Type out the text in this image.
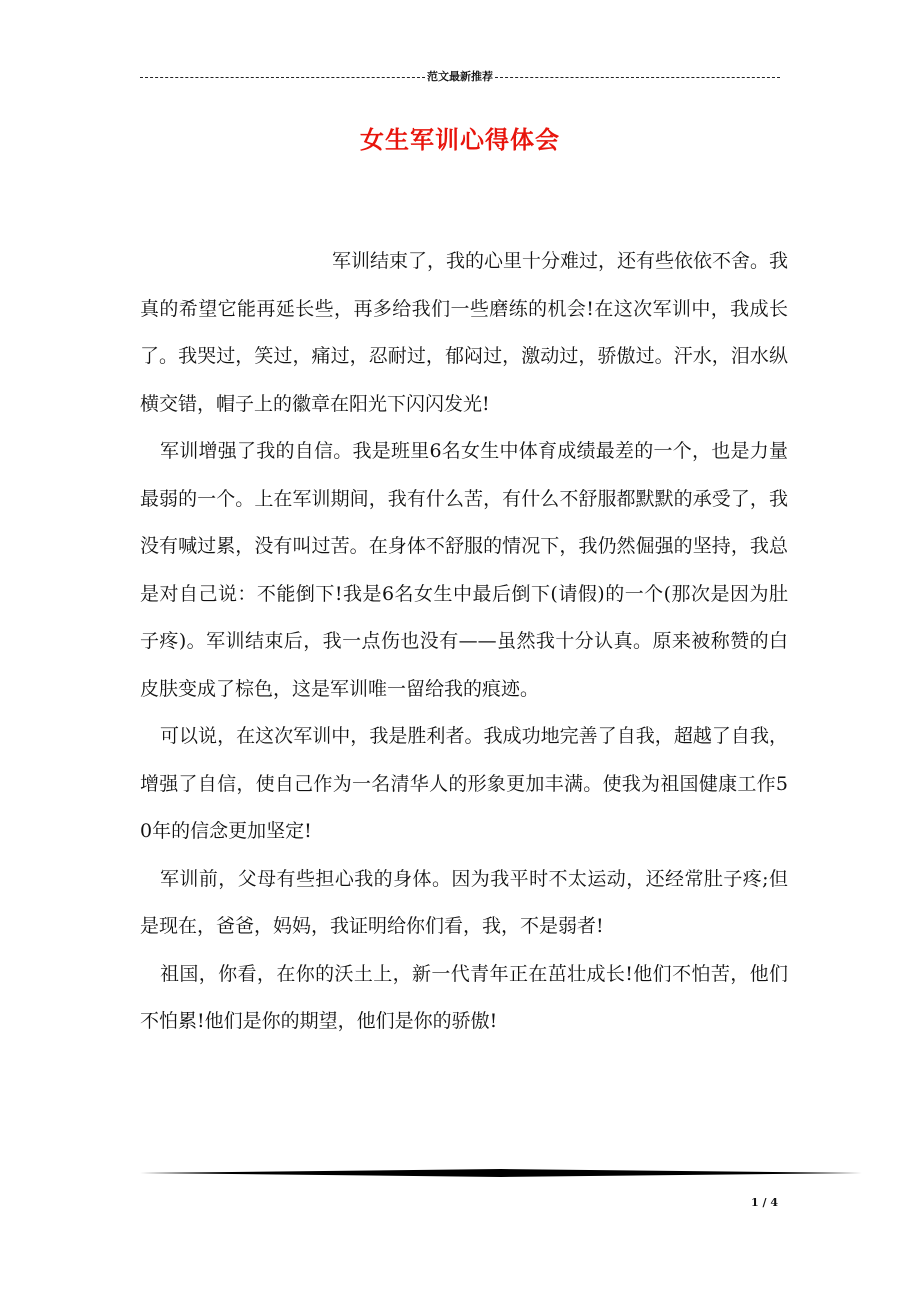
范文最新推荐
女生军训心得体会

军训结束了，我的心里十分难过，还有些依依不舍。我真的希望它能再延长些，再多给我们一些磨练的机会!在这次军训中，我成长了。我哭过，笑过，痛过，忍耐过，郁闷过，激动过，骄傲过。汗水，泪水纵横交错，帽子上的徽章在阳光下闪闪发光!

军训增强了我的自信。我是班里6名女生中体育成绩最差的一个，也是力量最弱的一个。上在军训期间，我有什么苦，有什么不舒服都默默的承受了，我没有喊过累，没有叫过苦。在身体不舒服的情况下，我仍然倔强的坚持，我总是对自己说：不能倒下!我是6名女生中最后倒下(请假)的一个(那次是因为肚子疼)。军训结束后，我一点伤也没有——虽然我十分认真。原来被称赞的白皮肤变成了棕色，这是军训唯一留给我的痕迹。

可以说，在这次军训中，我是胜利者。我成功地完善了自我，超越了自我，增强了自信，使自己作为一名清华人的形象更加丰满。使我为祖国健康工作50年的信念更加坚定!

军训前，父母有些担心我的身体。因为我平时不太运动，还经常肚子疼;但是现在，爸爸，妈妈，我证明给你们看，我，不是弱者!

祖国，你看，在你的沃土上，新一代青年正在茁壮成长!他们不怕苦，他们不怕累!他们是你的期望，他们是你的骄傲!

1 / 4
